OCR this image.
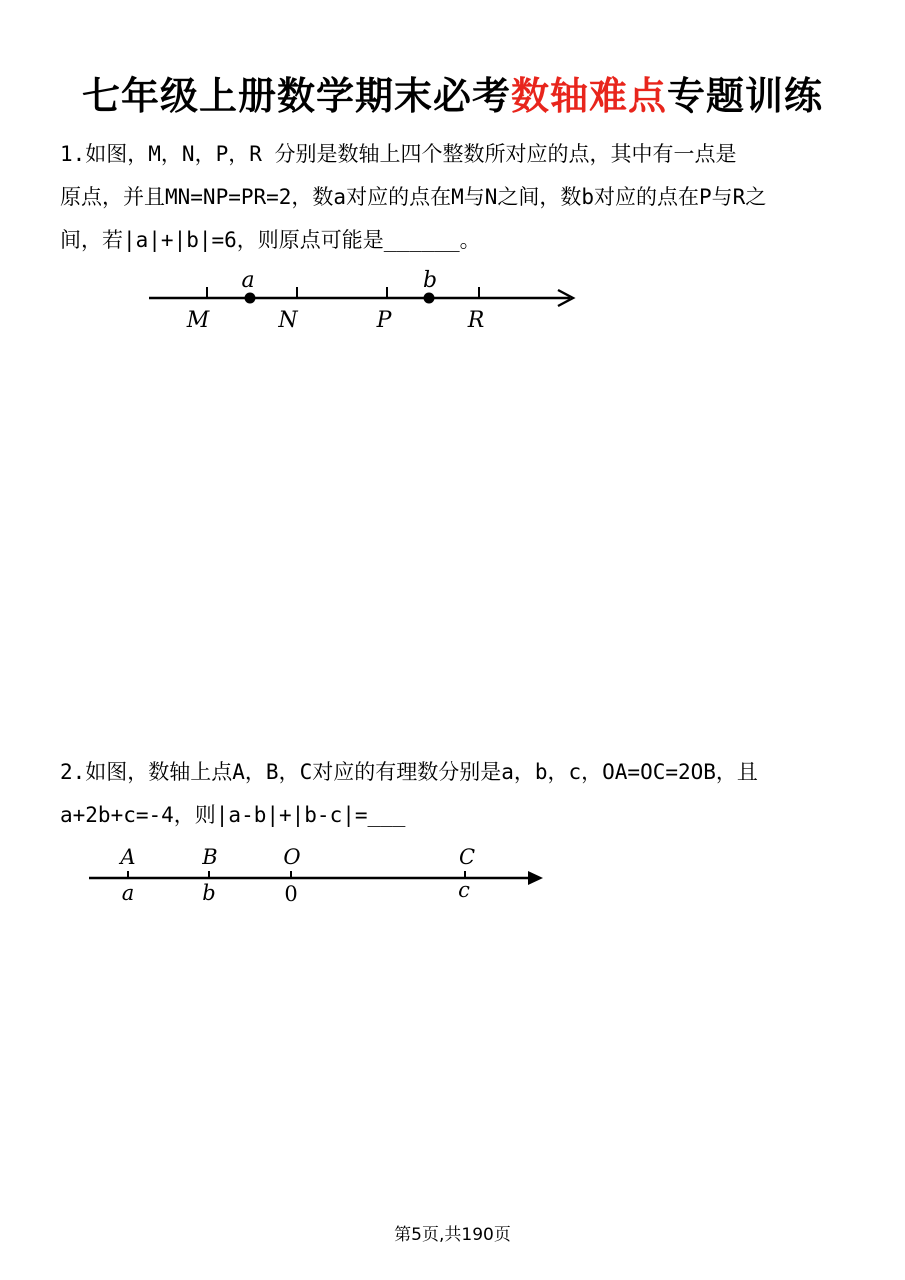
七年级上册数学期末必考数轴难点专题训练
1.如图，M，N，P，R 分别是数轴上四个整数所对应的点，其中有一点是
原点，并且MN=NP=PR=2，数a对应的点在M与N之间，数b对应的点在P与R之
间，若|a|+|b|=6，则原点可能是______。
a	b
M	N	P	R
2.如图，数轴上点A，B，C对应的有理数分别是a，b，c，OA=OC=2OB，且
a+2b+c=-4，则|a-b|+|b-c|=___
A	B	O	C
a	b	0	c
第5页,共190页
